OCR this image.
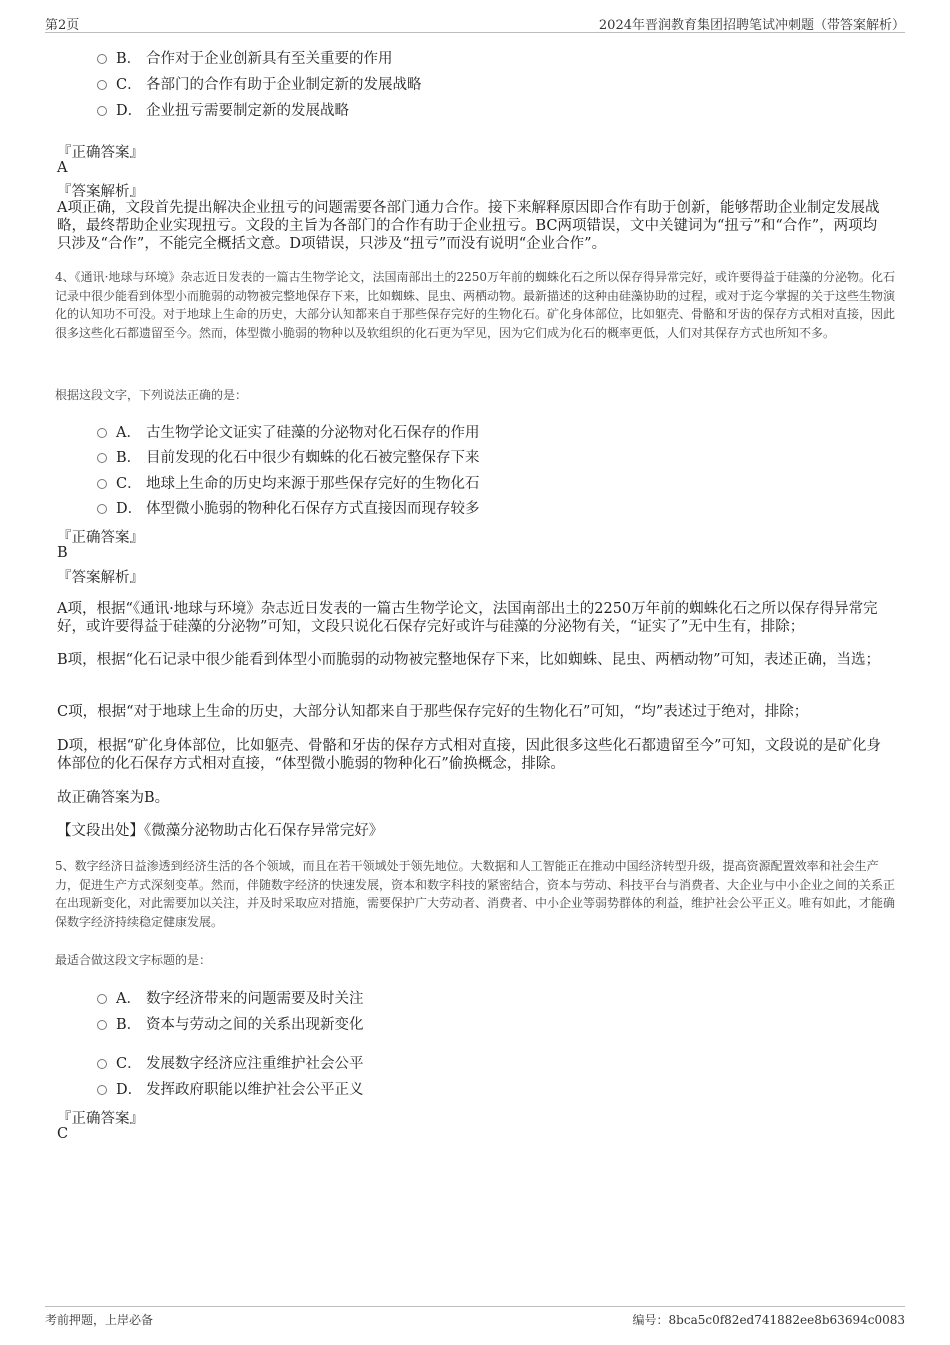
第2页	2024年晋润教育集团招聘笔试冲刺题（带答案解析）
B． 合作对于企业创新具有至关重要的作用
C． 各部门的合作有助于企业制定新的发展战略
D． 企业扭亏需要制定新的发展战略
『正确答案』
A
『答案解析』
A项正确，文段首先提出解决企业扭亏的问题需要各部门通力合作。接下来解释原因即合作有助于创新，能够帮助企业制定发展战略，最终帮助企业实现扭亏。文段的主旨为各部门的合作有助于企业扭亏。BC两项错误，文中关键词为“扭亏”和“合作”，两项均只涉及“合作”，不能完全概括文意。D项错误，只涉及“扭亏”而没有说明“企业合作”。
4、《通讯·地球与环境》杂志近日发表的一篇古生物学论文，法国南部出土的2250万年前的蜘蛛化石之所以保存得异常完好，或许要得益于硅藻的分泌物。化石记录中很少能看到体型小而脆弱的动物被完整地保存下来，比如蜘蛛、昆虫、两栖动物。最新描述的这种由硅藻协助的过程，或对于迄今掌握的关于这些生物演化的认知功不可没。对于地球上生命的历史，大部分认知都来自于那些保存完好的生物化石。矿化身体部位，比如躯壳、骨骼和牙齿的保存方式相对直接，因此很多这些化石都遗留至今。然而，体型微小脆弱的物种以及软组织的化石更为罕见，因为它们成为化石的概率更低，人们对其保存方式也所知不多。
根据这段文字，下列说法正确的是：
A． 古生物学论文证实了硅藻的分泌物对化石保存的作用
B． 目前发现的化石中很少有蜘蛛的化石被完整保存下来
C． 地球上生命的历史均来源于那些保存完好的生物化石
D． 体型微小脆弱的物种化石保存方式直接因而现存较多
『正确答案』
B
『答案解析』
A项，根据“《通讯·地球与环境》杂志近日发表的一篇古生物学论文，法国南部出土的2250万年前的蜘蛛化石之所以保存得异常完好，或许要得益于硅藻的分泌物”可知，文段只说化石保存完好或许与硅藻的分泌物有关，“证实了”无中生有，排除；
B项，根据“化石记录中很少能看到体型小而脆弱的动物被完整地保存下来，比如蜘蛛、昆虫、两栖动物”可知，表述正确，当选；
C项，根据“对于地球上生命的历史，大部分认知都来自于那些保存完好的生物化石”可知，“均”表述过于绝对，排除；
D项，根据“矿化身体部位，比如躯壳、骨骼和牙齿的保存方式相对直接，因此很多这些化石都遗留至今”可知，文段说的是矿化身体部位的化石保存方式相对直接，“体型微小脆弱的物种化石”偷换概念，排除。
故正确答案为B。
【文段出处】《微藻分泌物助古化石保存异常完好》
5、数字经济日益渗透到经济生活的各个领域，而且在若干领域处于领先地位。大数据和人工智能正在推动中国经济转型升级，提高资源配置效率和社会生产力，促进生产方式深刻变革。然而，伴随数字经济的快速发展，资本和数字科技的紧密结合，资本与劳动、科技平台与消费者、大企业与中小企业之间的关系正在出现新变化，对此需要加以关注，并及时采取应对措施，需要保护广大劳动者、消费者、中小企业等弱势群体的利益，维护社会公平正义。唯有如此，才能确保数字经济持续稳定健康发展。
最适合做这段文字标题的是：
A． 数字经济带来的问题需要及时关注
B． 资本与劳动之间的关系出现新变化
C． 发展数字经济应注重维护社会公平
D． 发挥政府职能以维护社会公平正义
『正确答案』
C
考前押题，上岸必备	编号：8bca5c0f82ed741882ee8b63694c0083
